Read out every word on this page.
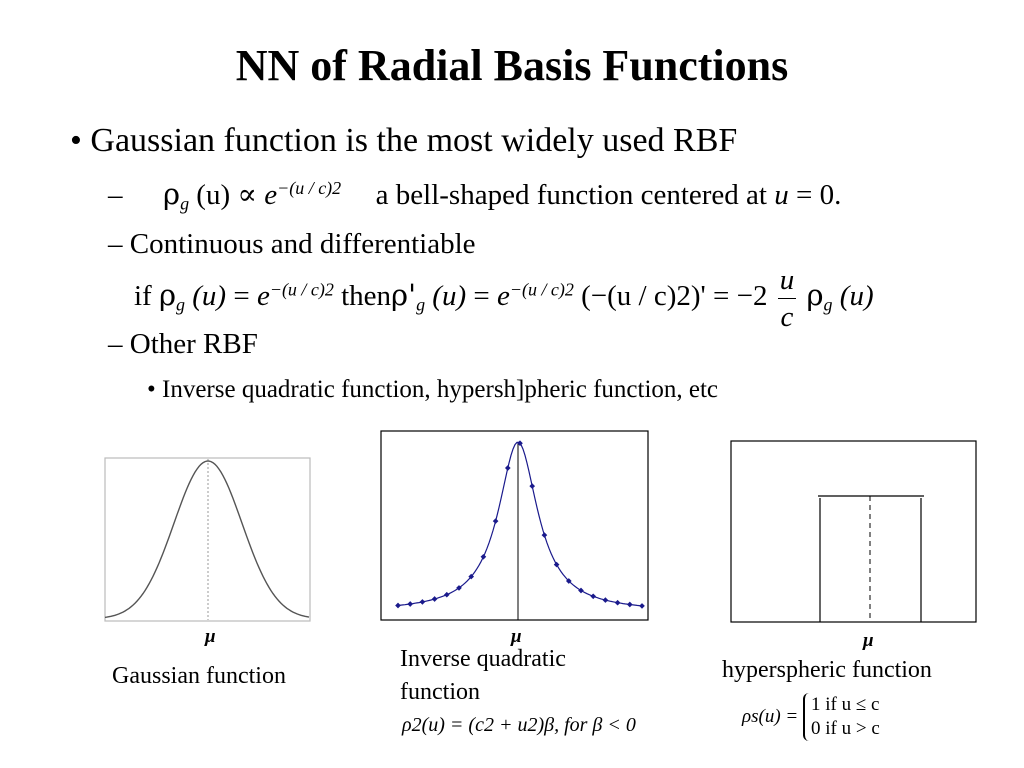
NN of Radial Basis Functions
• Gaussian function is the most widely used RBF
– $\rho_g$ $(u) \propto e^{-(u / c)2}$ a bell-shaped function centered at u = 0.
– Continuous and differentiable
if $\rho_g$ $(u) = e^{-(u / c)2}$ $then\rho'_g$ $(u) = e^{-(u / c)2}$ $(-(u / c)2)' = -2 \frac{u}{c} \rho_g$ (u)
– Other RBF
• Inverse quadratic function, hypersh]pheric function, etc
μ
Gaussian function
μ
Inverse quadratic
function
ρ2(u) = (c2 + u2)β, for β < 0
μ
hyperspheric function
ρs(u) =
1 if u ≤ c
0 if u > c
